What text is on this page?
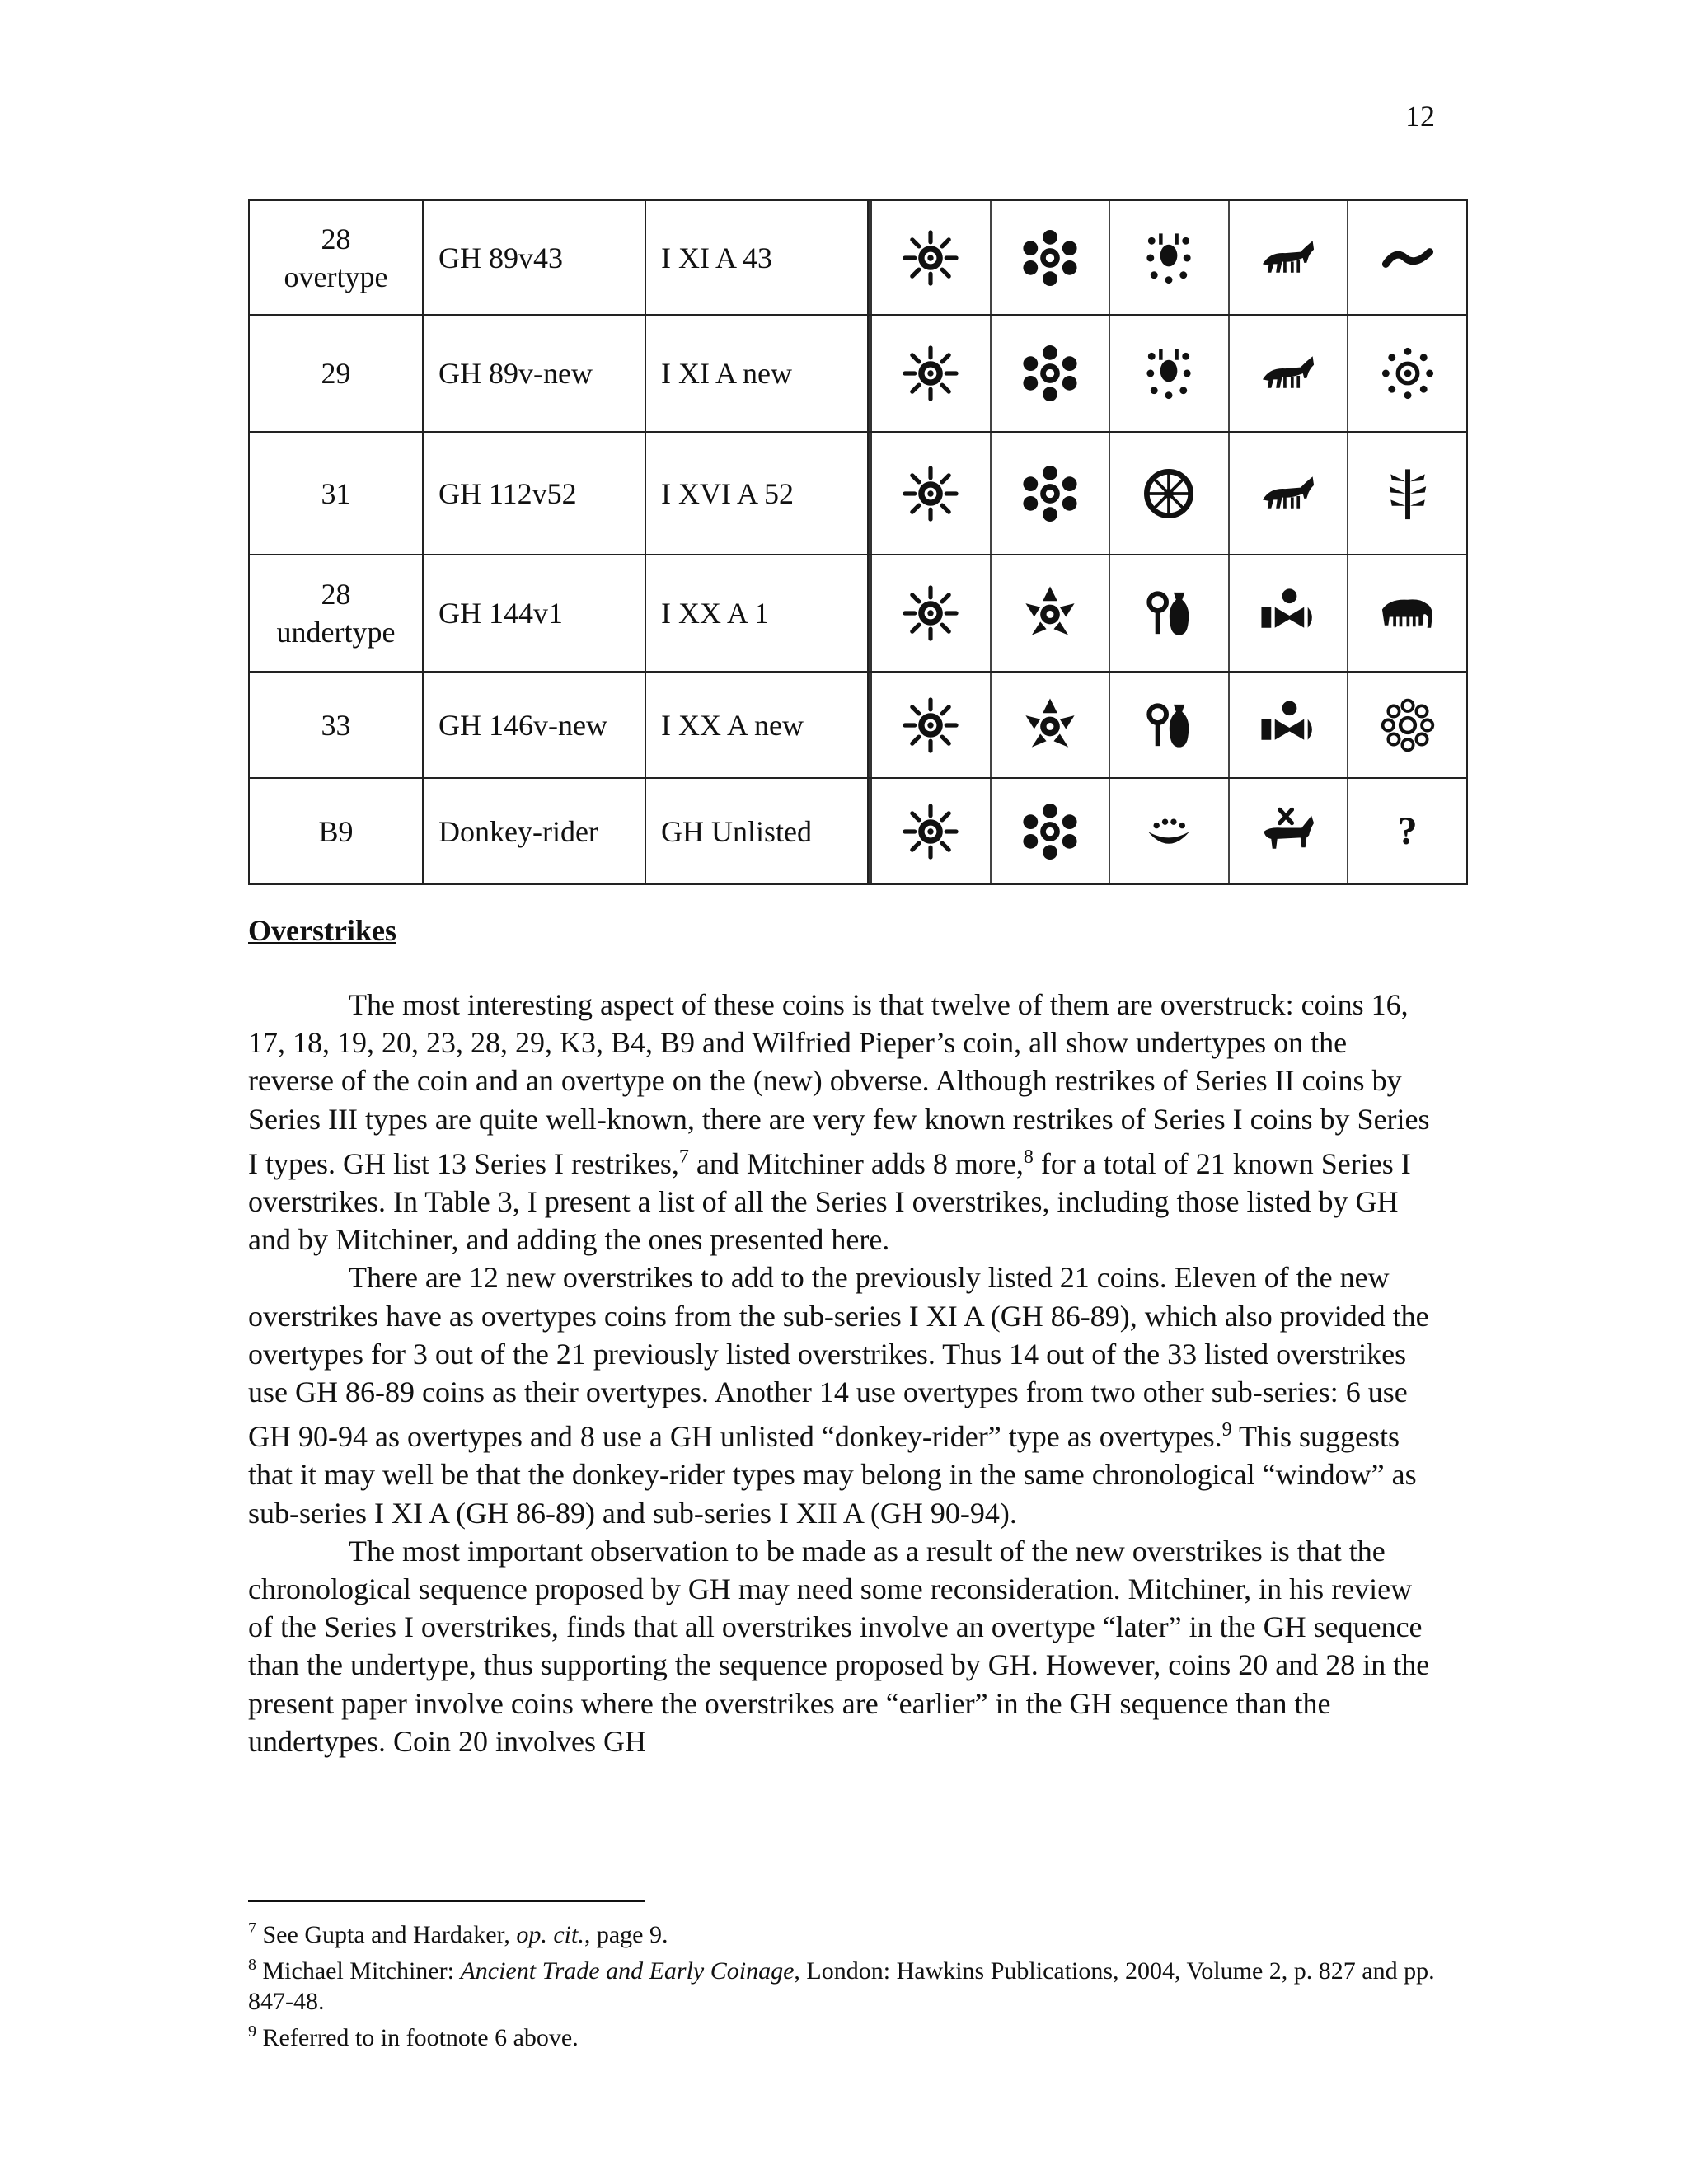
12
28
overtype	GH 89v43	I XI A 43	

29	GH 89v-new	I XI A new	

31	GH 112v52	I XVI A 52	

28
undertype	GH 144v1	I XX A 1	

33	GH 146v-new	I XX A new	

B9	Donkey-rider	GH Unlisted	?
Overstrikes

The most interesting aspect of these coins is that twelve of them are overstruck: coins 16, 17, 18, 19, 20, 23, 28, 29, K3, B4, B9 and Wilfried Pieper’s coin, all show undertypes on the reverse of the coin and an overtype on the (new) obverse. Although restrikes of Series II coins by Series III types are quite well-known, there are very few known restrikes of Series I coins by Series I types. GH list 13 Series I restrikes,$^7$ and Mitchiner adds 8 more,$^8$ for a total of 21 known Series I overstrikes. In Table 3, I present a list of all the Series I overstrikes, including those listed by GH and by Mitchiner, and adding the ones presented here.

There are 12 new overstrikes to add to the previously listed 21 coins. Eleven of the new overstrikes have as overtypes coins from the sub-series I XI A (GH 86-89), which also provided the overtypes for 3 out of the 21 previously listed overstrikes. Thus 14 out of the 33 listed overstrikes use GH 86-89 coins as their overtypes. Another 14 use overtypes from two other sub-series: 6 use GH 90-94 as overtypes and 8 use a GH unlisted “donkey-rider” type as overtypes.$^9$ This suggests that it may well be that the donkey-rider types may belong in the same chronological “window” as sub-series I XI A (GH 86-89) and sub-series I XII A (GH 90-94).

The most important observation to be made as a result of the new overstrikes is that the chronological sequence proposed by GH may need some reconsideration. Mitchiner, in his review of the Series I overstrikes, finds that all overstrikes involve an overtype “later” in the GH sequence than the undertype, thus supporting the sequence proposed by GH. However, coins 20 and 28 in the present paper involve coins where the overstrikes are “earlier” in the GH sequence than the undertypes. Coin 20 involves GH

$^7$ See Gupta and Hardaker, op. cit., page 9.
$^8$ Michael Mitchiner: Ancient Trade and Early Coinage, London: Hawkins Publications, 2004, Volume 2, p. 827 and pp. 847-48.
$^9$ Referred to in footnote 6 above.
